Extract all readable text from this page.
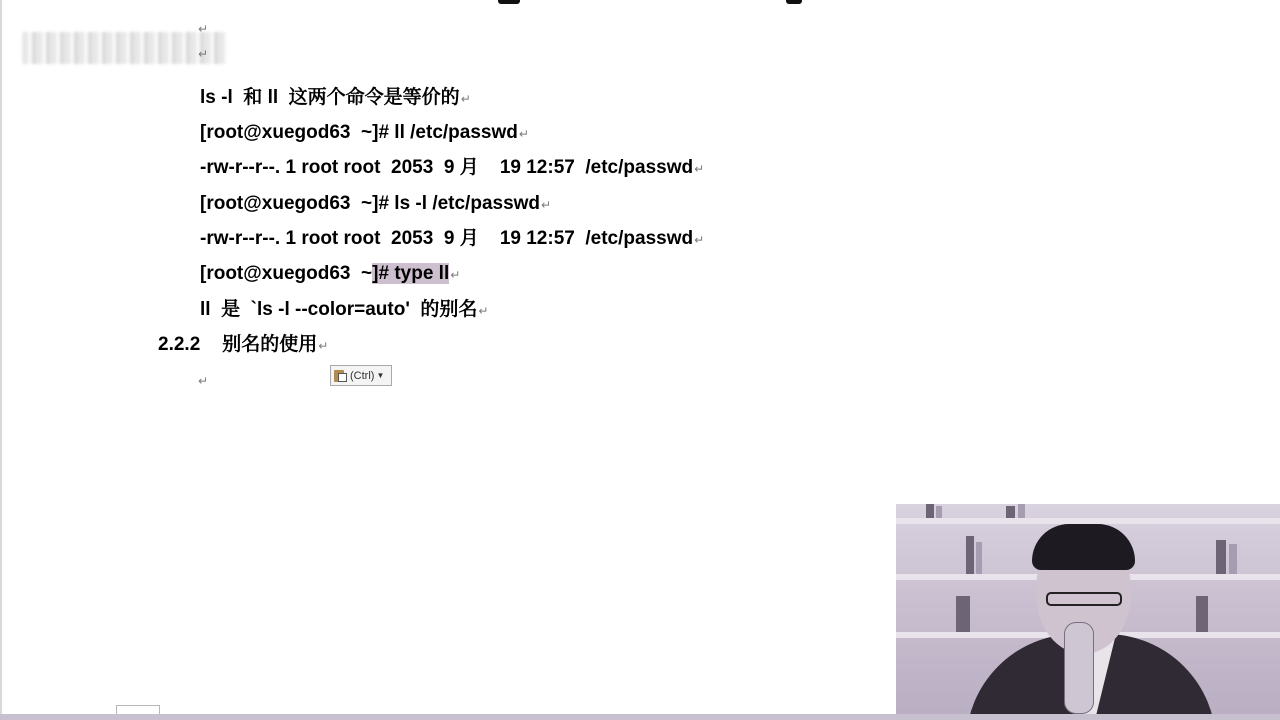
↵
↵
ls -l  和 ll  这两个命令是等价的↵
[root@xuegod63  ~]# ll /etc/passwd↵
-rw-r--r--. 1 root root  2053  9 月    19 12:57  /etc/passwd↵
[root@xuegod63  ~]# ls -l /etc/passwd↵
-rw-r--r--. 1 root root  2053  9 月    19 12:57  /etc/passwd↵
[root@xuegod63  ~]# type ll↵
ll  是  `ls -l --color=auto'  的别名↵
2.2.2 别名的使用↵
↵	(Ctrl) ▼
